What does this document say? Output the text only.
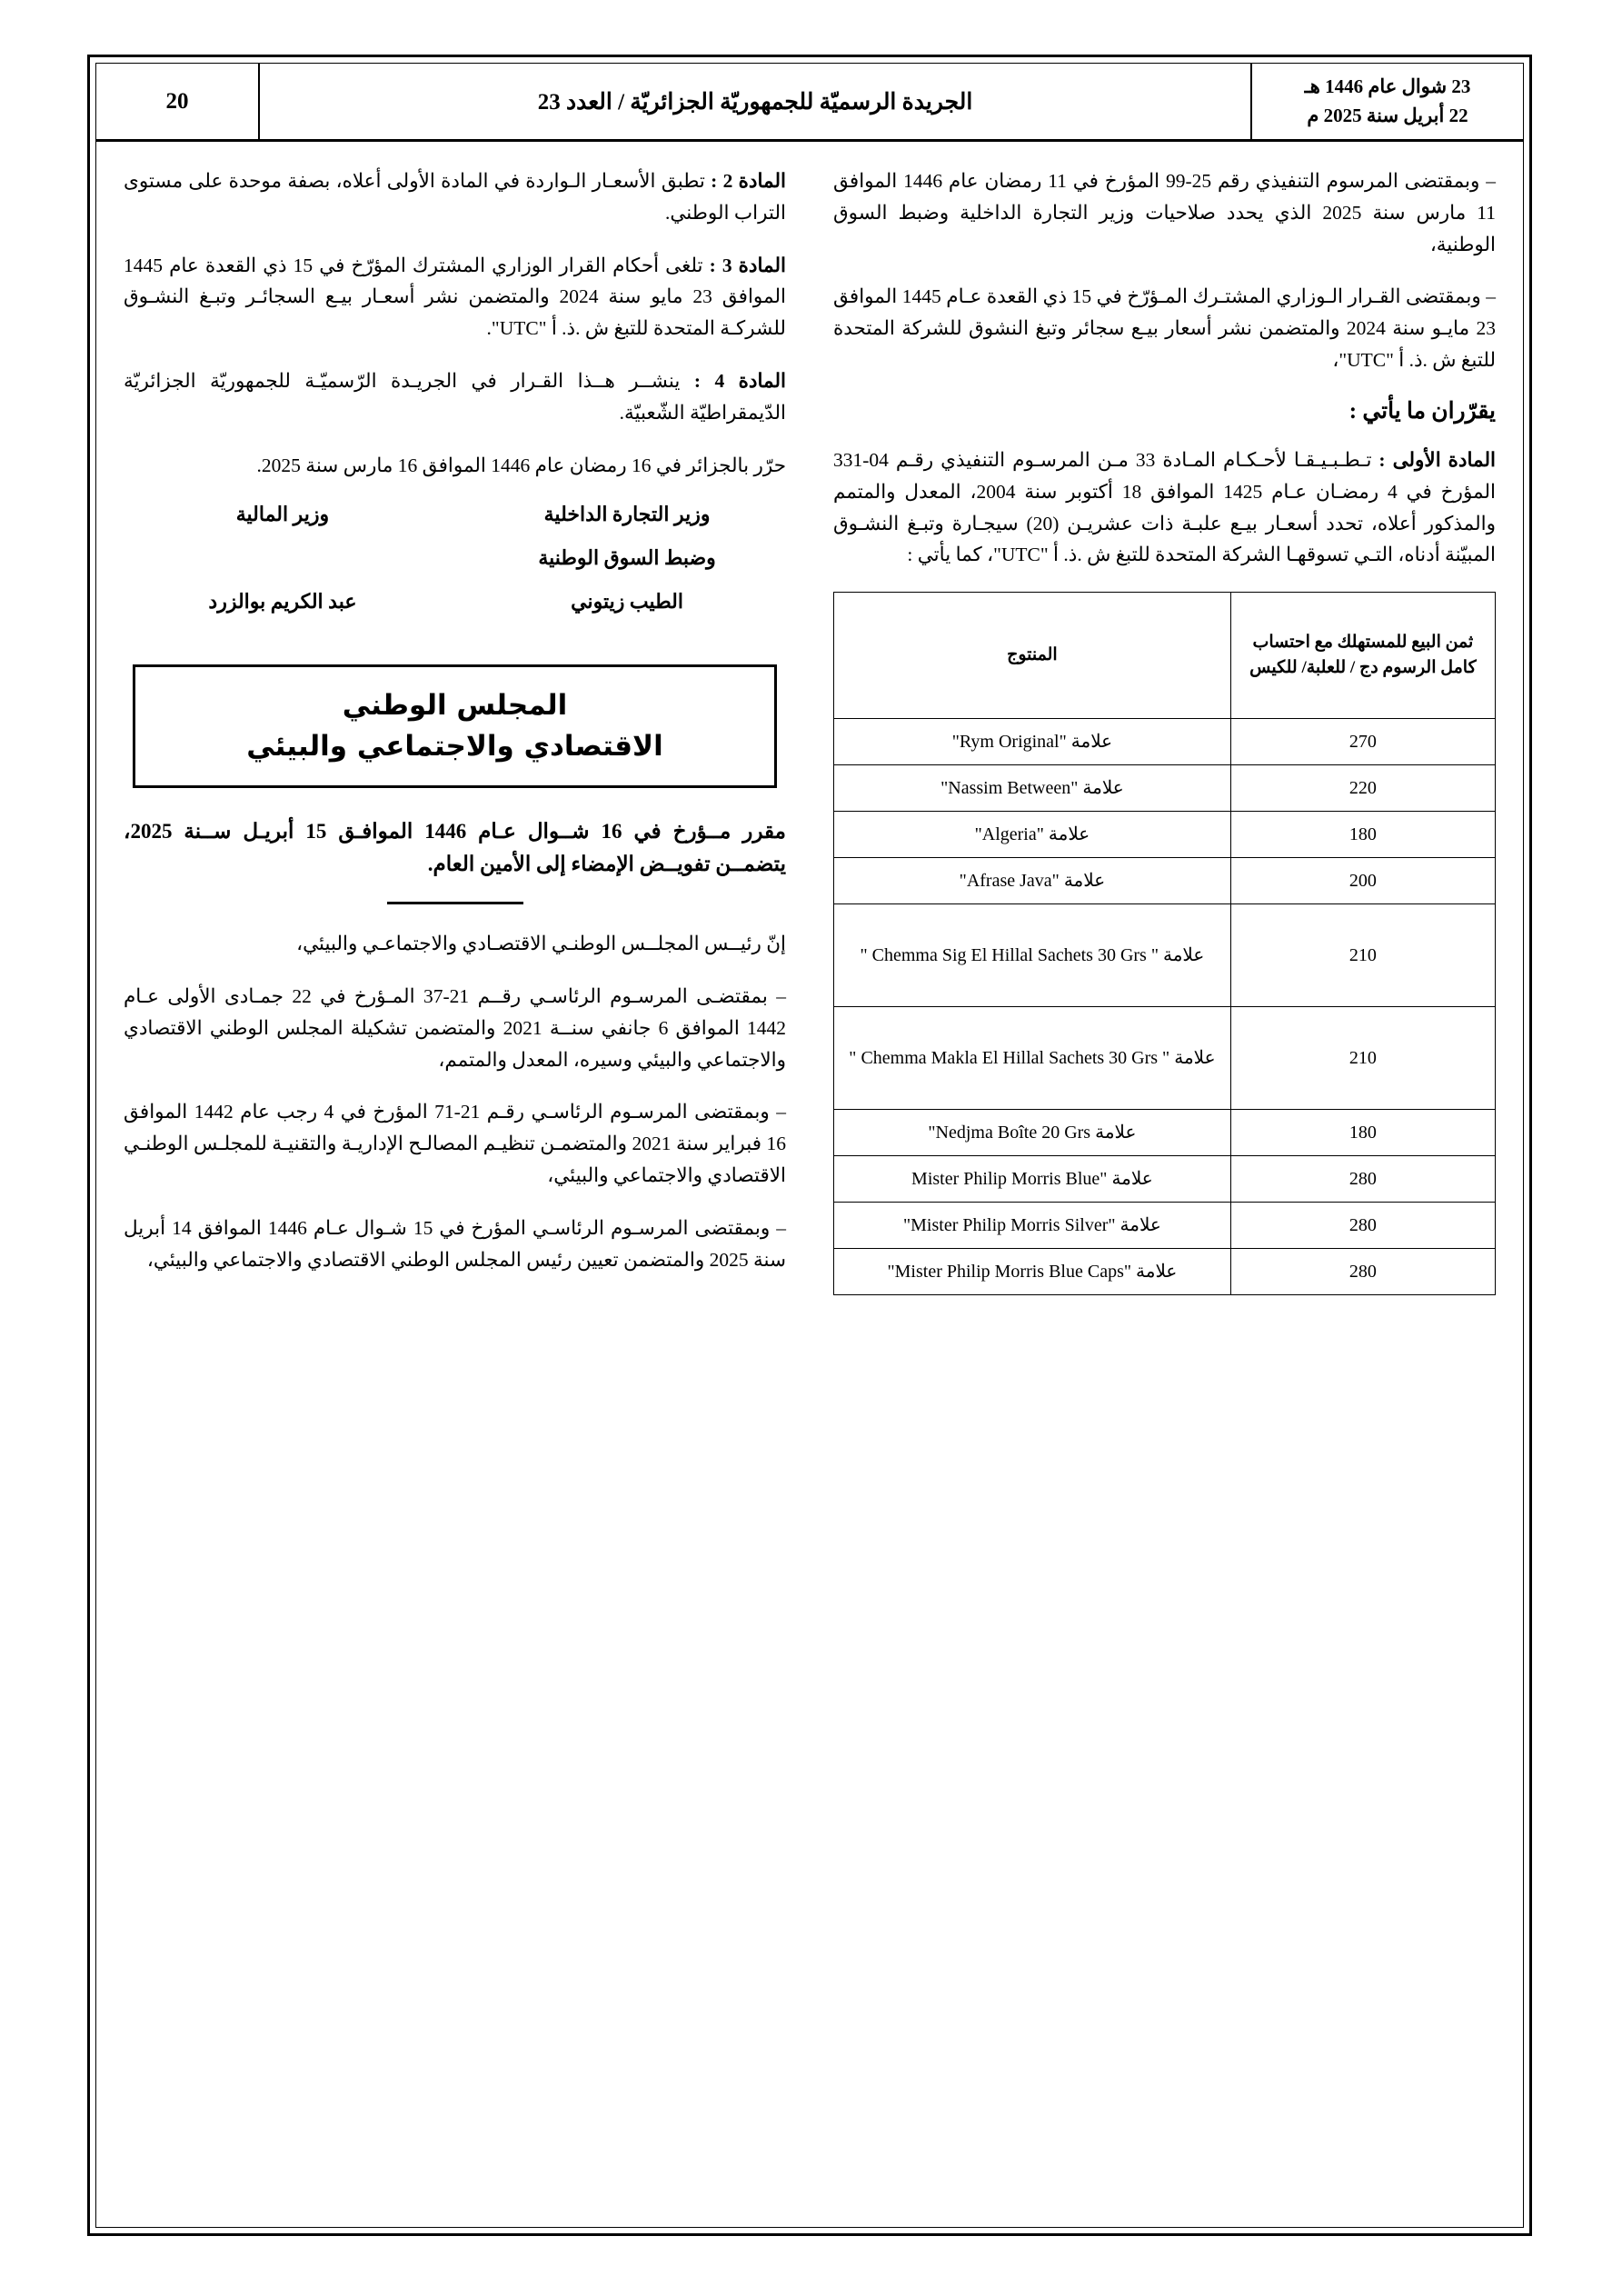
23 شوال عام 1446 هـ
22 أبريل سنة 2025 م
الجريدة الرسميّة للجمهوريّة الجزائريّة / العدد 23
20

– وبمقتضى المرسوم التنفيذي رقم 25-99 المؤرخ في 11 رمضان عام 1446 الموافق 11 مارس سنة 2025 الذي يحدد صلاحيات وزير التجارة الداخلية وضبط السوق الوطنية،

– وبمقتضى القـرار الـوزاري المشتـرك المـؤرّخ في 15 ذي القعدة عـام 1445 الموافق 23 مايـو سنة 2024 والمتضمن نشر أسعار بيـع سجائر وتبغ النشوق للشركة المتحدة للتبغ ش .ذ. أ "UTC"،

يقرّران ما يأتي :

المادة الأولى : تـطـبـيـقـا لأحـكـام المـادة 33 مـن المرسـوم التنفيذي رقـم 04-331 المؤرخ في 4 رمضـان عـام 1425 الموافق 18 أكتوبر سنة 2004، المعدل والمتمم والمذكور أعلاه، تحدد أسعـار بيـع علبـة ذات عشريـن (20) سيجـارة وتبـغ النشـوق المبيّنة أدناه، التـي تسوقهـا الشركة المتحدة للتبغ ش .ذ. أ "UTC"، كما يأتي :

ثمن البيع للمستهلك مع احتساب كامل الرسوم دج / للعلبة/ للكيس	المنتوج
270	علامة "Rym Original"
220	علامة "Nassim Between"
180	علامة "Algeria"
200	علامة "Afrase Java"
210	علامة " Chemma Sig El Hillal Sachets 30 Grs "
210	علامة " Chemma Makla El Hillal Sachets 30 Grs "
180	علامة "Nedjma Boîte 20 Grs
280	علامة Mister Philip Morris Blue"
280	علامة "Mister Philip Morris Silver"
280	علامة "Mister Philip Morris Blue Caps"

المادة 2 : تطبق الأسعـار الـواردة في المادة الأولى أعلاه، بصفة موحدة على مستوى التراب الوطني.

المادة 3 : تلغى أحكام القرار الوزاري المشترك المؤرّخ في 15 ذي القعدة عام 1445 الموافق 23 مايو سنة 2024 والمتضمن نشر أسعـار بيـع السجائـر وتبـغ النشـوق للشركـة المتحدة للتبغ ش .ذ. أ "UTC".

المادة 4 : ينشــر هــذا القـرار في الجريـدة الرّسميّـة للجمهوريّة الجزائريّة الدّيمقراطيّة الشّعبيّة.

حرّر بالجزائر في 16 رمضان عام 1446 الموافق 16 مارس سنة 2025.

وزير التجارة الداخلية
وضبط السوق الوطنية
الطيب زيتوني
وزير المالية

عبد الكريم بوالزرد
المجلس الوطني
الاقتصادي والاجتماعي والبيئي

مقرر مــؤرخ في 16 شــوال عـام 1446 الموافـق 15 أبريـل ســنة 2025، يتضمــن تفويــض الإمضاء إلى الأمين العام.

إنّ رئيــس المجلــس الوطنـي الاقتصـادي والاجتماعـي والبيئي،

– بمقتضـى المرسـوم الرئاسـي رقــم 21-37 المـؤرخ في 22 جمـادى الأولى عـام 1442 الموافق 6 جانفي سنــة 2021 والمتضمن تشكيلة المجلس الوطني الاقتصادي والاجتماعي والبيئي وسيره، المعدل والمتمم،

– وبمقتضى المرسـوم الرئاسـي رقـم 21-71 المؤرخ في 4 رجب عام 1442 الموافق 16 فبراير سنة 2021 والمتضمـن تنظيـم المصالـح الإداريـة والتقنيـة للمجلـس الوطنـي الاقتصادي والاجتماعي والبيئي،

– وبمقتضى المرسـوم الرئاسـي المؤرخ في 15 شـوال عـام 1446 الموافق 14 أبريل سنة 2025 والمتضمن تعيين رئيس المجلس الوطني الاقتصادي والاجتماعي والبيئي،
